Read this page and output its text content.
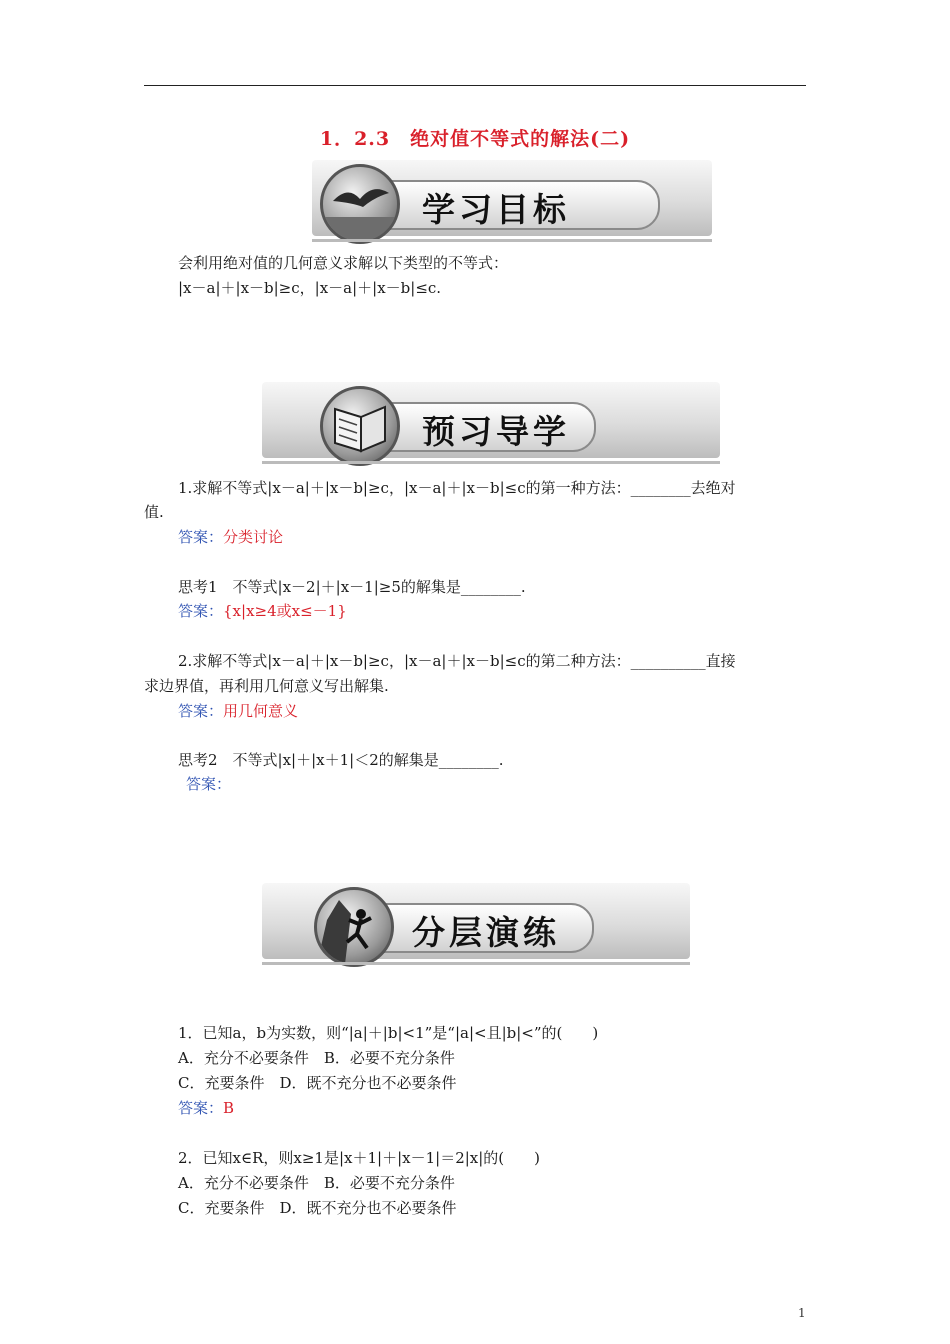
1．2.3　绝对值不等式的解法(二)
学习目标
会利用绝对值的几何意义求解以下类型的不等式：
|x－a|＋|x－b|≥c，|x－a|＋|x－b|≤c.
预习导学
1.求解不等式|x－a|＋|x－b|≥c，|x－a|＋|x－b|≤c的第一种方法：________去绝对
值.
答案：分类讨论
思考1　不等式|x－2|＋|x－1|≥5的解集是________.
答案：{x|x≥4或x≤－1}
2.求解不等式|x－a|＋|x－b|≥c，|x－a|＋|x－b|≤c的第二种方法：__________直接
求边界值，再利用几何意义写出解集.
答案：用几何意义
思考2　不等式|x|＋|x＋1|＜2的解集是________.
答案：
分层演练
1．已知a，b为实数，则“|a|＋|b|<1”是“|a|<且|b|<”的(　　)
A．充分不必要条件　B．必要不充分条件
C．充要条件　D．既不充分也不必要条件
答案：B
2．已知x∈R，则x≥1是|x＋1|＋|x－1|＝2|x|的(　　)
A．充分不必要条件　B．必要不充分条件
C．充要条件　D．既不充分也不必要条件
1
